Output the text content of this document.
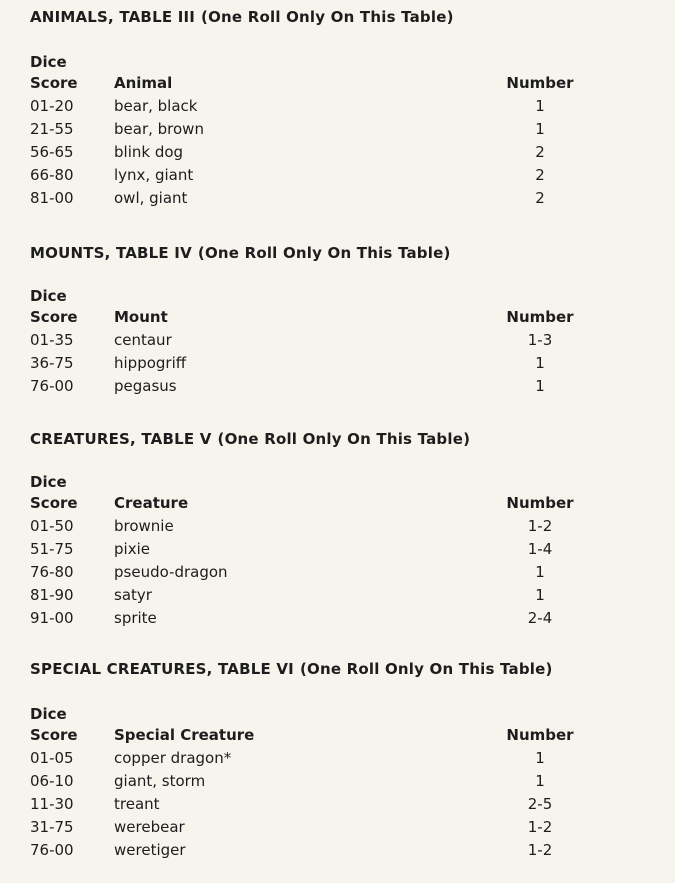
ANIMALS, TABLE III (One Roll Only On This Table)
Dice
Score Animal	Number
01-20	bear, black	1
21-55	bear, brown	1
56-65	blink dog	2
66-80	lynx, giant	2
81-00	owl, giant	2
MOUNTS, TABLE IV (One Roll Only On This Table)
Dice
Score Mount	Number
01-35	centaur	1-3
36-75	hippogriff	1
76-00	pegasus	1
CREATURES, TABLE V (One Roll Only On This Table)
Dice
Score Creature	Number
01-50	brownie	1-2
51-75	pixie	1-4
76-80	pseudo-dragon	1
81-90	satyr	1
91-00	sprite	2-4
SPECIAL CREATURES, TABLE VI (One Roll Only On This Table)
Dice
Score Special Creature	Number
01-05	copper dragon*	1
06-10	giant, storm	1
11-30	treant	2-5
31-75	werebear	1-2
76-00	weretiger	1-2
